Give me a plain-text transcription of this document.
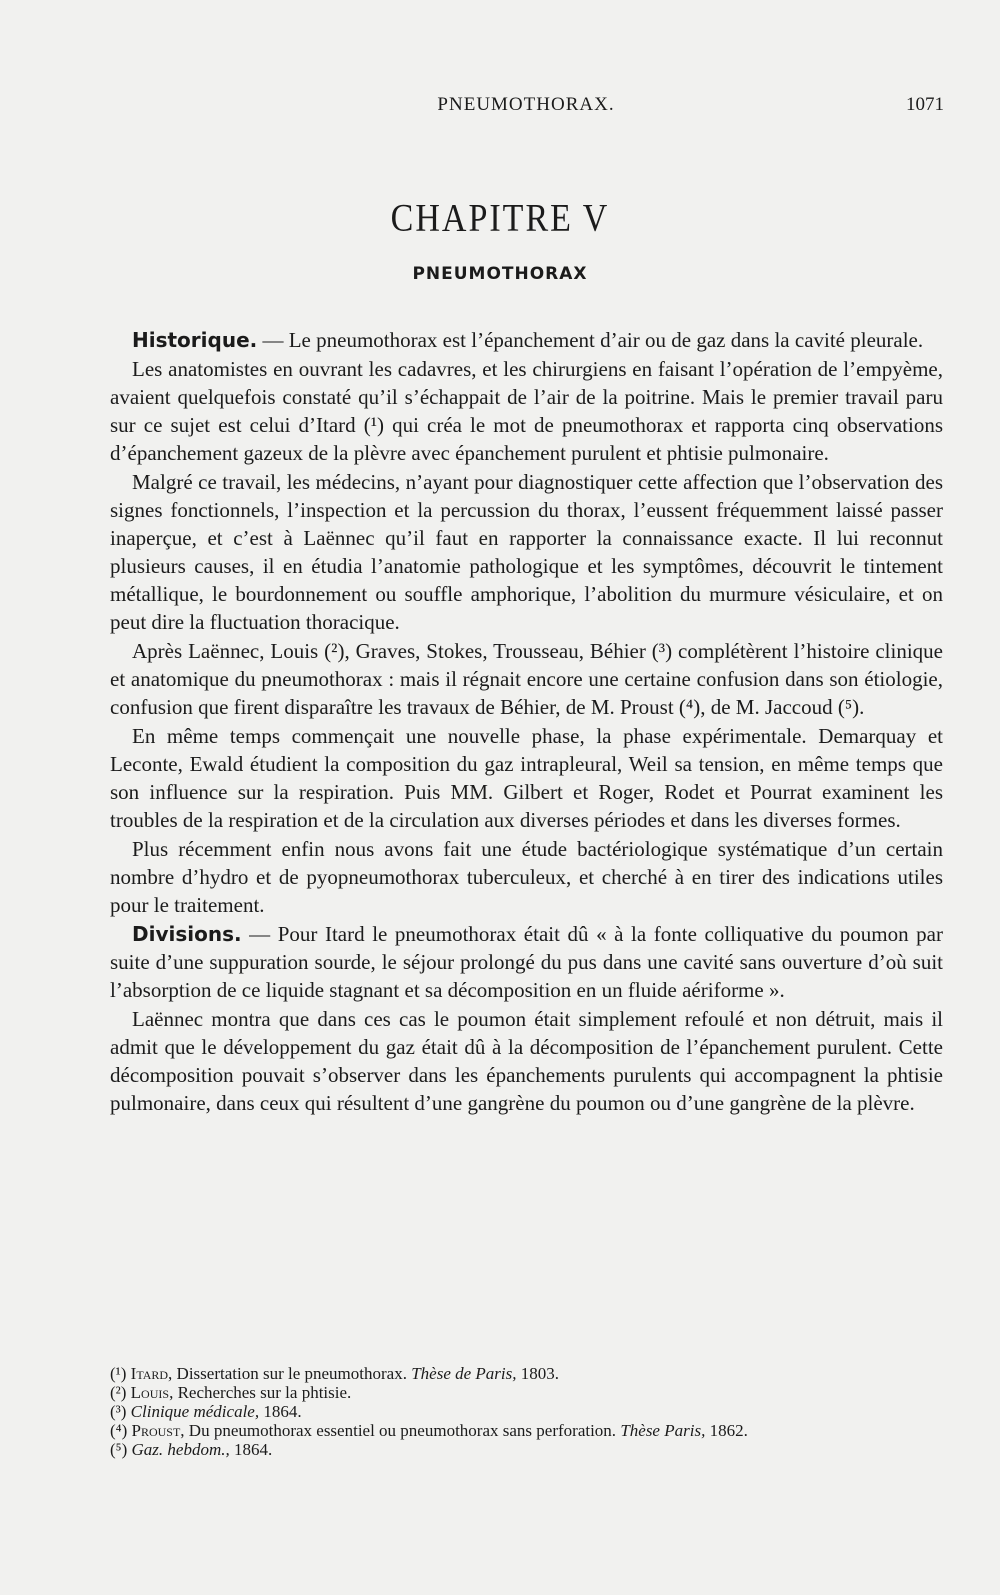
PNEUMOTHORAX.	1071
CHAPITRE V
PNEUMOTHORAX

Historique. — Le pneumothorax est l’épanchement d’air ou de gaz dans la cavité pleurale.

Les anatomistes en ouvrant les cadavres, et les chirurgiens en faisant l’opération de l’empyème, avaient quelquefois constaté qu’il s’échappait de l’air de la poitrine. Mais le premier travail paru sur ce sujet est celui d’Itard (¹) qui créa le mot de pneumothorax et rapporta cinq observations d’épanchement gazeux de la plèvre avec épanchement purulent et phtisie pulmonaire.

Malgré ce travail, les médecins, n’ayant pour diagnostiquer cette affection que l’observation des signes fonctionnels, l’inspection et la percussion du thorax, l’eussent fréquemment laissé passer inaperçue, et c’est à Laënnec qu’il faut en rapporter la connaissance exacte. Il lui reconnut plusieurs causes, il en étudia l’anatomie pathologique et les symptômes, découvrit le tintement métallique, le bourdonnement ou souffle amphorique, l’abolition du murmure vésiculaire, et on peut dire la fluctuation thoracique.

Après Laënnec, Louis (²), Graves, Stokes, Trousseau, Béhier (³) complétèrent l’histoire clinique et anatomique du pneumothorax : mais il régnait encore une certaine confusion dans son étiologie, confusion que firent disparaître les travaux de Béhier, de M. Proust (⁴), de M. Jaccoud (⁵).

En même temps commençait une nouvelle phase, la phase expérimentale. Demarquay et Leconte, Ewald étudient la composition du gaz intrapleural, Weil sa tension, en même temps que son influence sur la respiration. Puis MM. Gilbert et Roger, Rodet et Pourrat examinent les troubles de la respiration et de la circulation aux diverses périodes et dans les diverses formes.

Plus récemment enfin nous avons fait une étude bactériologique systématique d’un certain nombre d’hydro et de pyopneumothorax tuberculeux, et cherché à en tirer des indications utiles pour le traitement.

Divisions. — Pour Itard le pneumothorax était dû « à la fonte colliquative du poumon par suite d’une suppuration sourde, le séjour prolongé du pus dans une cavité sans ouverture d’où suit l’absorption de ce liquide stagnant et sa décomposition en un fluide aériforme ».

Laënnec montra que dans ces cas le poumon était simplement refoulé et non détruit, mais il admit que le développement du gaz était dû à la décomposition de l’épanchement purulent. Cette décomposition pouvait s’observer dans les épanchements purulents qui accompagnent la phtisie pulmonaire, dans ceux qui résultent d’une gangrène du poumon ou d’une gangrène de la plèvre.

(¹) Itard, Dissertation sur le pneumothorax. Thèse de Paris, 1803.
(²) Louis, Recherches sur la phtisie.
(³) Clinique médicale, 1864.
(⁴) Proust, Du pneumothorax essentiel ou pneumothorax sans perforation. Thèse Paris, 1862.
(⁵) Gaz. hebdom., 1864.
